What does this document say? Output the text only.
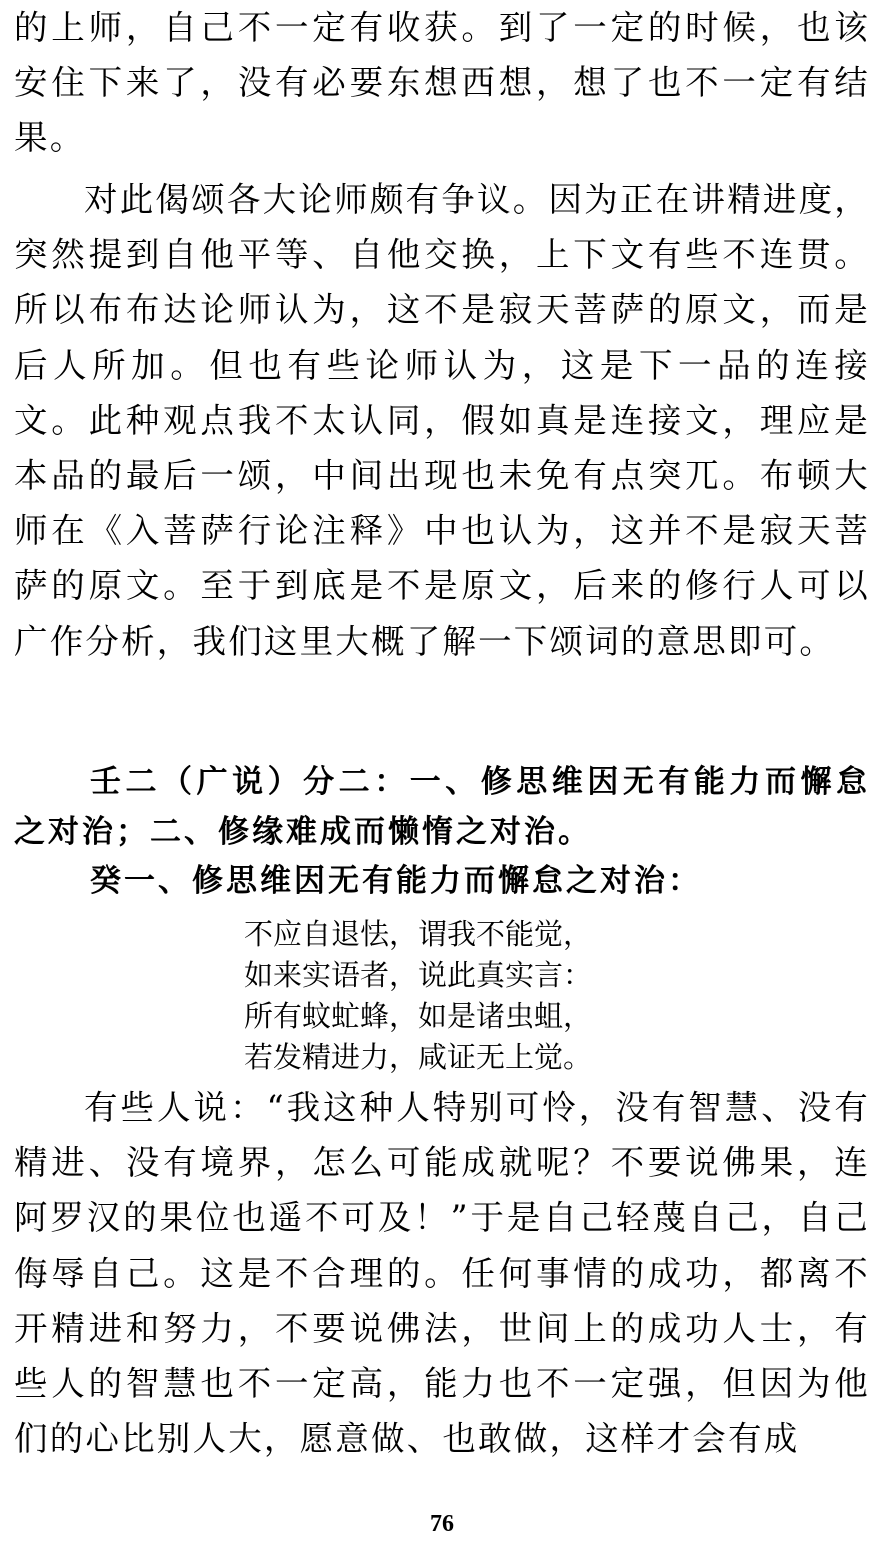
的上师，自己不一定有收获。到了一定的时候，也该安住下来了，没有必要东想西想，想了也不一定有结果。

对此偈颂各大论师颇有争议。因为正在讲精进度，突然提到自他平等、自他交换，上下文有些不连贯。所以布布达论师认为，这不是寂天菩萨的原文，而是后人所加。但也有些论师认为，这是下一品的连接文。此种观点我不太认同，假如真是连接文，理应是本品的最后一颂，中间出现也未免有点突兀。布顿大师在《入菩萨行论注释》中也认为，这并不是寂天菩萨的原文。至于到底是不是原文，后来的修行人可以广作分析，我们这里大概了解一下颂词的意思即可。

壬二（广说）分二：一、修思维因无有能力而懈怠之对治；二、修缘难成而懒惰之对治。
癸一、修思维因无有能力而懈怠之对治：
不应自退怯，谓我不能觉，
如来实语者，说此真实言：
所有蚊虻蜂，如是诸虫蛆，
若发精进力，咸证无上觉。

有些人说：“我这种人特别可怜，没有智慧、没有精进、没有境界，怎么可能成就呢？不要说佛果，连阿罗汉的果位也遥不可及！”于是自己轻蔑自己，自己侮辱自己。这是不合理的。任何事情的成功，都离不开精进和努力，不要说佛法，世间上的成功人士，有些人的智慧也不一定高，能力也不一定强，但因为他们的心比别人大，愿意做、也敢做，这样才会有成

76
